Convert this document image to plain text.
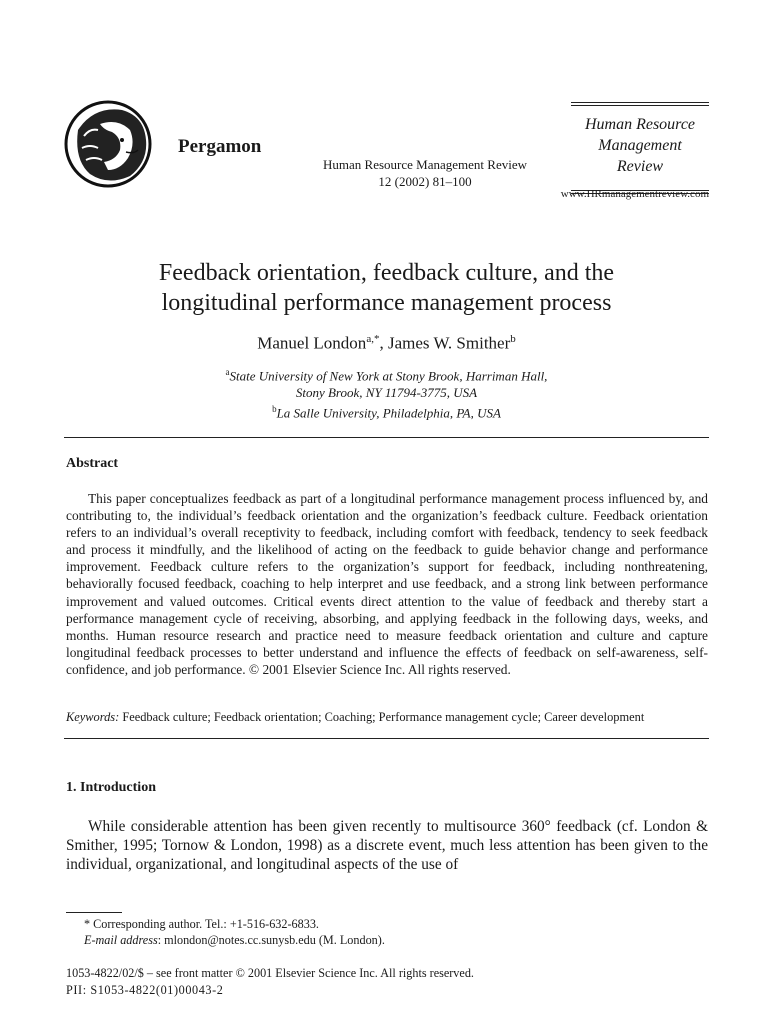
Pergamon
Human Resource Management Review
12 (2002) 81–100
Human Resource
Management
Review
www.HRmanagementreview.com
Feedback orientation, feedback culture, and the
longitudinal performance management process
Manuel London$^{a,*}$, James W. Smither$^b$
$^a$State University of New York at Stony Brook, Harriman Hall,
Stony Brook, NY 11794-3775, USA
$^b$La Salle University, Philadelphia, PA, USA
Abstract

This paper conceptualizes feedback as part of a longitudinal performance management process influenced by, and contributing to, the individual’s feedback orientation and the organization’s feedback culture. Feedback orientation refers to an individual’s overall receptivity to feedback, including comfort with feedback, tendency to seek feedback and process it mindfully, and the likelihood of acting on the feedback to guide behavior change and performance improvement. Feedback culture refers to the organization’s support for feedback, including nonthreatening, behaviorally focused feedback, coaching to help interpret and use feedback, and a strong link between performance improvement and valued outcomes. Critical events direct attention to the value of feedback and thereby start a performance management cycle of receiving, absorbing, and applying feedback in the following days, weeks, and months. Human resource research and practice need to measure feedback orientation and culture and capture longitudinal feedback processes to better understand and influence the effects of feedback on self-awareness, self-confidence, and job performance. © 2001 Elsevier Science Inc. All rights reserved.

Keywords: Feedback culture; Feedback orientation; Coaching; Performance management cycle; Career development
1. Introduction

While considerable attention has been given recently to multisource 360° feedback (cf. London & Smither, 1995; Tornow & London, 1998) as a discrete event, much less attention has been given to the individual, organizational, and longitudinal aspects of the use of

* Corresponding author. Tel.: +1-516-632-6833.
E-mail address: mlondon@notes.cc.sunysb.edu (M. London).
1053-4822/02/$ – see front matter © 2001 Elsevier Science Inc. All rights reserved.
PII: S1053-4822(01)00043-2
